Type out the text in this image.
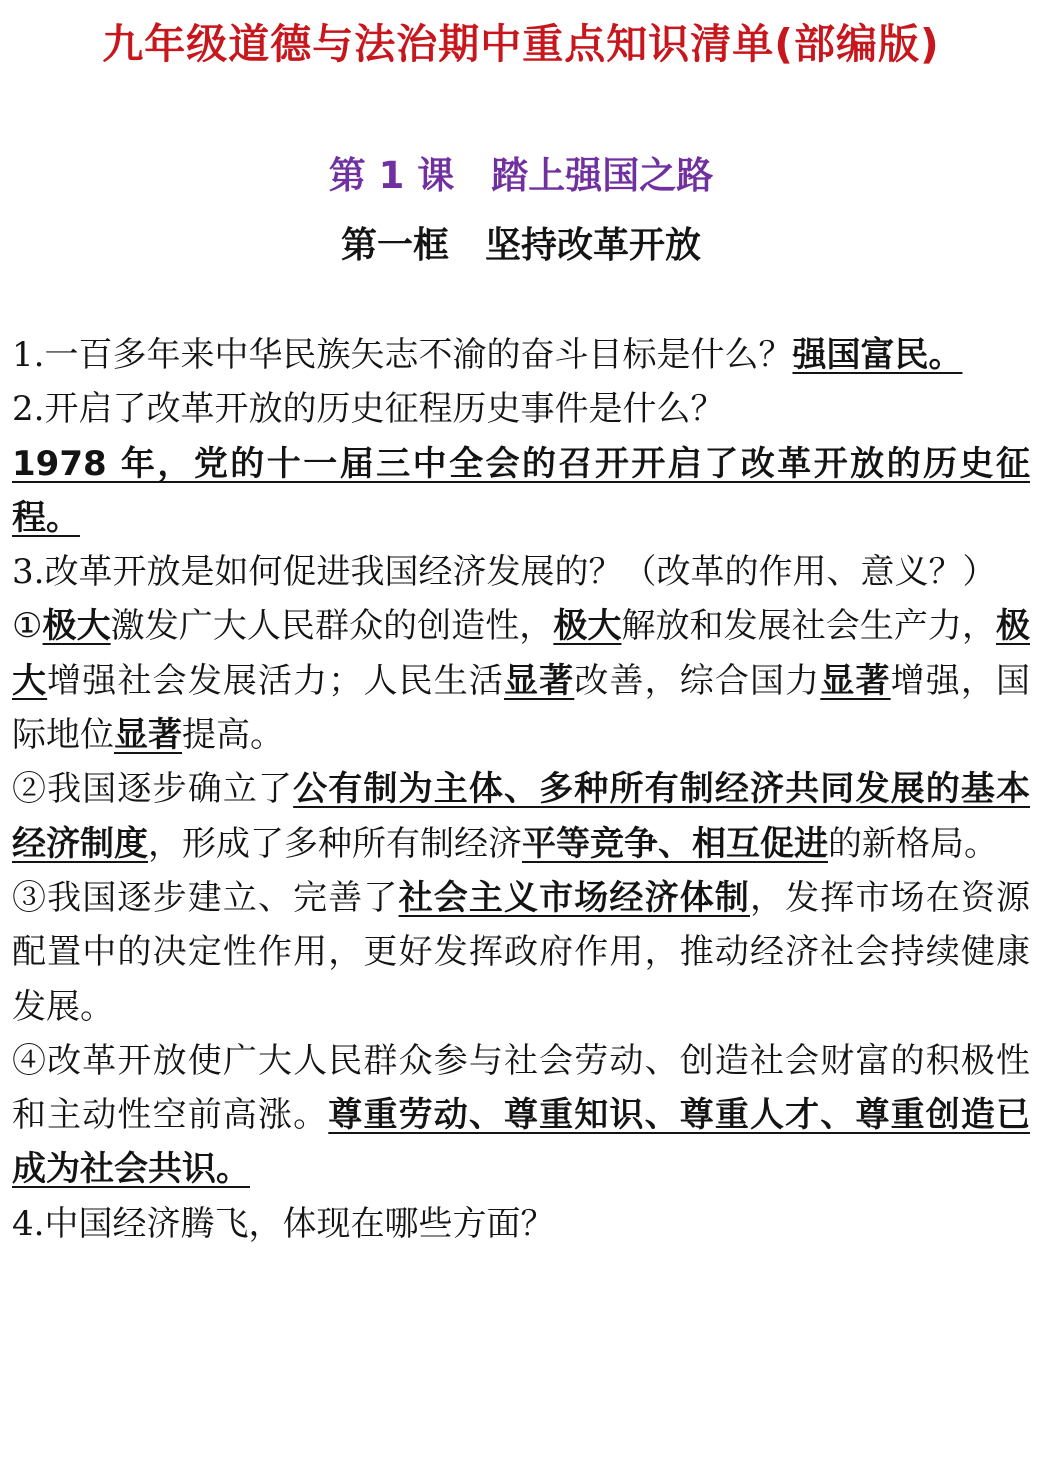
九年级道德与法治期中重点知识清单(部编版)
第 1 课　踏上强国之路
第一框　坚持改革开放

1.一百多年来中华民族矢志不渝的奋斗目标是什么？强国富民。

2.开启了改革开放的历史征程历史事件是什么？

1978 年，党的十一届三中全会的召开开启了改革开放的历史征程。

3.改革开放是如何促进我国经济发展的？（改革的作用、意义？）

①极大激发广大人民群众的创造性，极大解放和发展社会生产力，极大增强社会发展活力；人民生活显著改善，综合国力显著增强，国际地位显著提高。

②我国逐步确立了公有制为主体、多种所有制经济共同发展的基本经济制度，形成了多种所有制经济平等竞争、相互促进的新格局。

③我国逐步建立、完善了社会主义市场经济体制，发挥市场在资源配置中的决定性作用，更好发挥政府作用，推动经济社会持续健康发展。

④改革开放使广大人民群众参与社会劳动、创造社会财富的积极性和主动性空前高涨。尊重劳动、尊重知识、尊重人才、尊重创造已成为社会共识。

4.中国经济腾飞，体现在哪些方面？
